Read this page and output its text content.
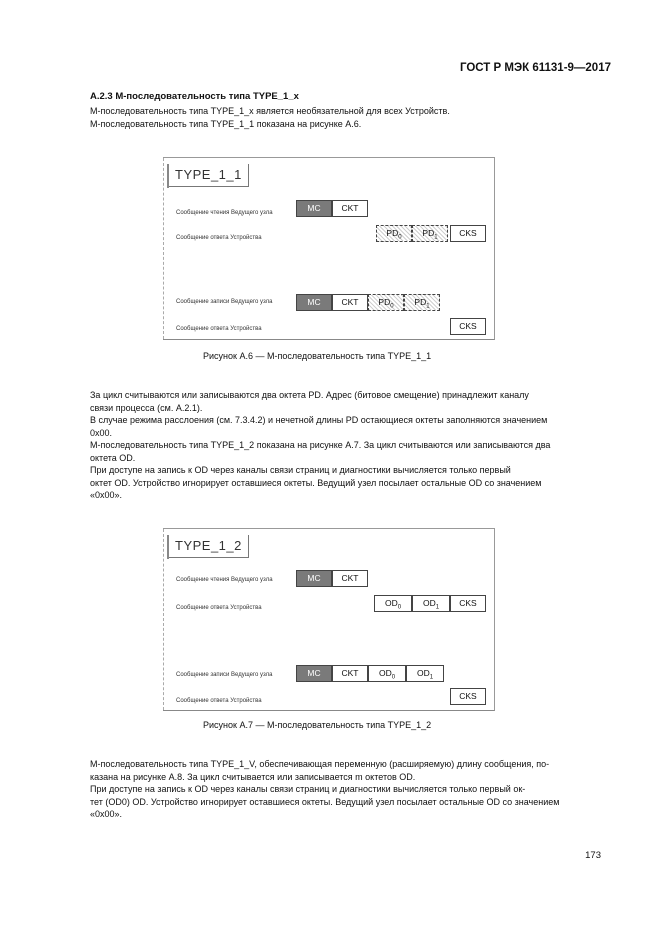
ГОСТ Р МЭК 61131-9—2017
A.2.3 М-последовательность типа TYPE_1_x
М-последовательность типа TYPE_1_x является необязательной для всех Устройств.
М-последовательность типа TYPE_1_1 показана на рисунке А.6.
TYPE_1_1
Сообщение чтения Ведущего узла
Сообщение ответа Устройства
Сообщение записи Ведущего узла
Сообщение ответа Устройства
MC	CKT
$PD_0$	$PD_1$	CKS
MC	CKT	$PD_0$	$PD_1$
CKS
Рисунок А.6 — М-последовательность типа TYPE_1_1
За цикл считываются или записываются два октета PD. Адрес (битовое смещение) принадлежит каналу
связи процесса (см. А.2.1).
В случае режима расслоения (см. 7.3.4.2) и нечетной длины PD остающиеся октеты заполняются значением
0x00.
М-последовательность типа TYPE_1_2 показана на рисунке А.7. За цикл считываются или записываются два
октета OD.
При доступе на запись к OD через каналы связи страниц и диагностики вычисляется только первый
октет OD. Устройство игнорирует оставшиеся октеты. Ведущий узел посылает остальные OD со значением
«0x00».
TYPE_1_2
Сообщение чтения Ведущего узла
Сообщение ответа Устройства
Сообщение записи Ведущего узла
Сообщение ответа Устройства
MC	CKT
$OD_0$	$OD_1$	CKS
MC	CKT	$OD_0$	$OD_1$
CKS
Рисунок А.7 — М-последовательность типа TYPE_1_2
М-последовательность типа TYPE_1_V, обеспечивающая переменную (расширяемую) длину сообщения, по-
казана на рисунке А.8. За цикл считывается или записывается m октетов OD.
При доступе на запись к OD через каналы связи страниц и диагностики вычисляется только первый ок-
тет (OD0) OD. Устройство игнорирует оставшиеся октеты. Ведущий узел посылает остальные OD со значением
«0x00».
173
